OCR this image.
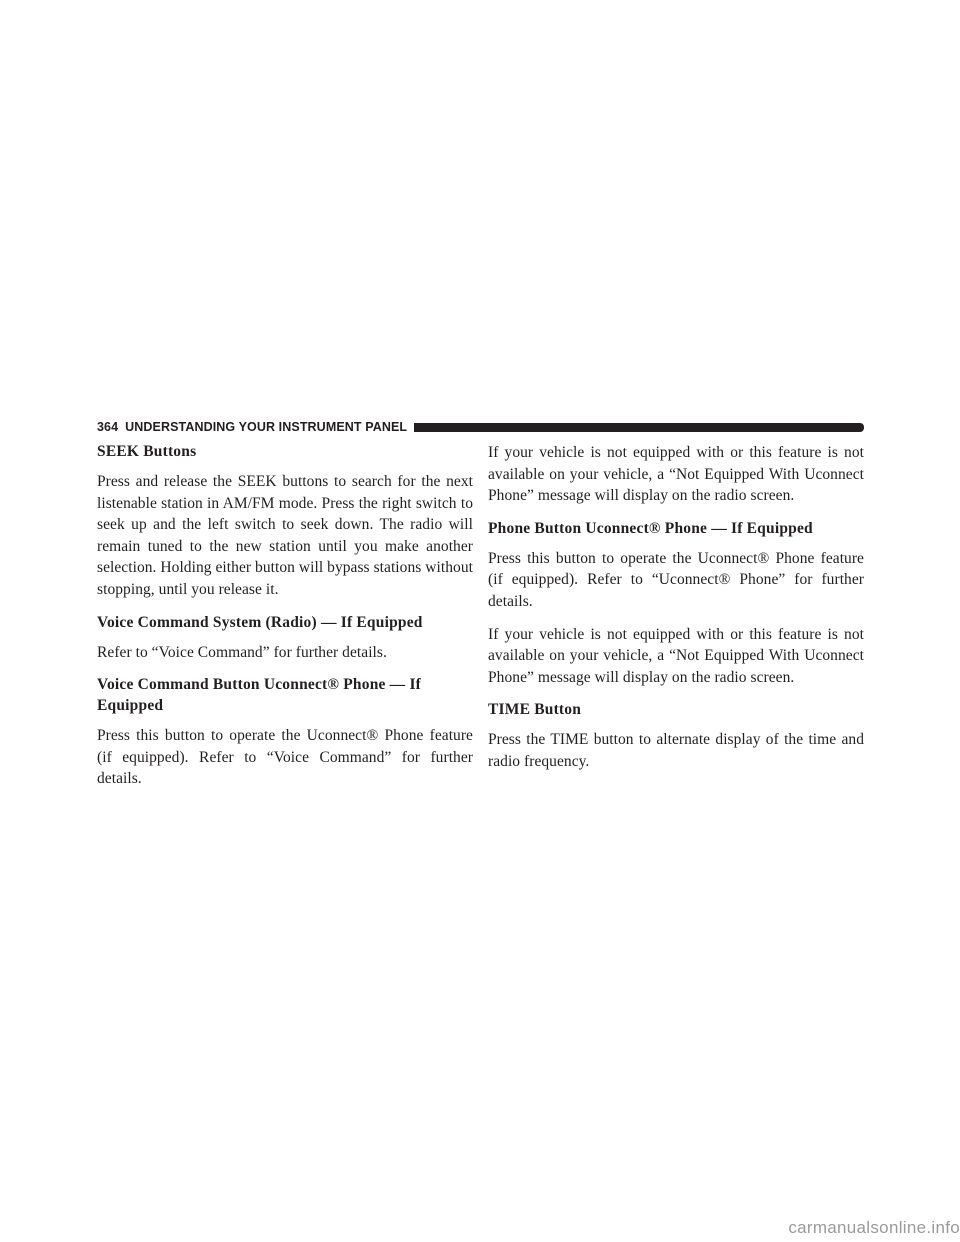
364 UNDERSTANDING YOUR INSTRUMENT PANEL
SEEK Buttons

Press and release the SEEK buttons to search for the next listenable station in AM/FM mode. Press the right switch to seek up and the left switch to seek down. The radio will remain tuned to the new station until you make another selection. Holding either button will bypass stations without stopping, until you release it.

Voice Command System (Radio) — If Equipped

Refer to “Voice Command” for further details.

Voice Command Button Uconnect® Phone — If Equipped

Press this button to operate the Uconnect® Phone feature (if equipped). Refer to “Voice Command” for further details.

If your vehicle is not equipped with or this feature is not available on your vehicle, a “Not Equipped With Uconnect Phone” message will display on the radio screen.

Phone Button Uconnect® Phone — If Equipped

Press this button to operate the Uconnect® Phone feature (if equipped). Refer to “Uconnect® Phone” for further details.

If your vehicle is not equipped with or this feature is not available on your vehicle, a “Not Equipped With Uconnect Phone” message will display on the radio screen.

TIME Button

Press the TIME button to alternate display of the time and radio frequency.

carmanualsonline.info
